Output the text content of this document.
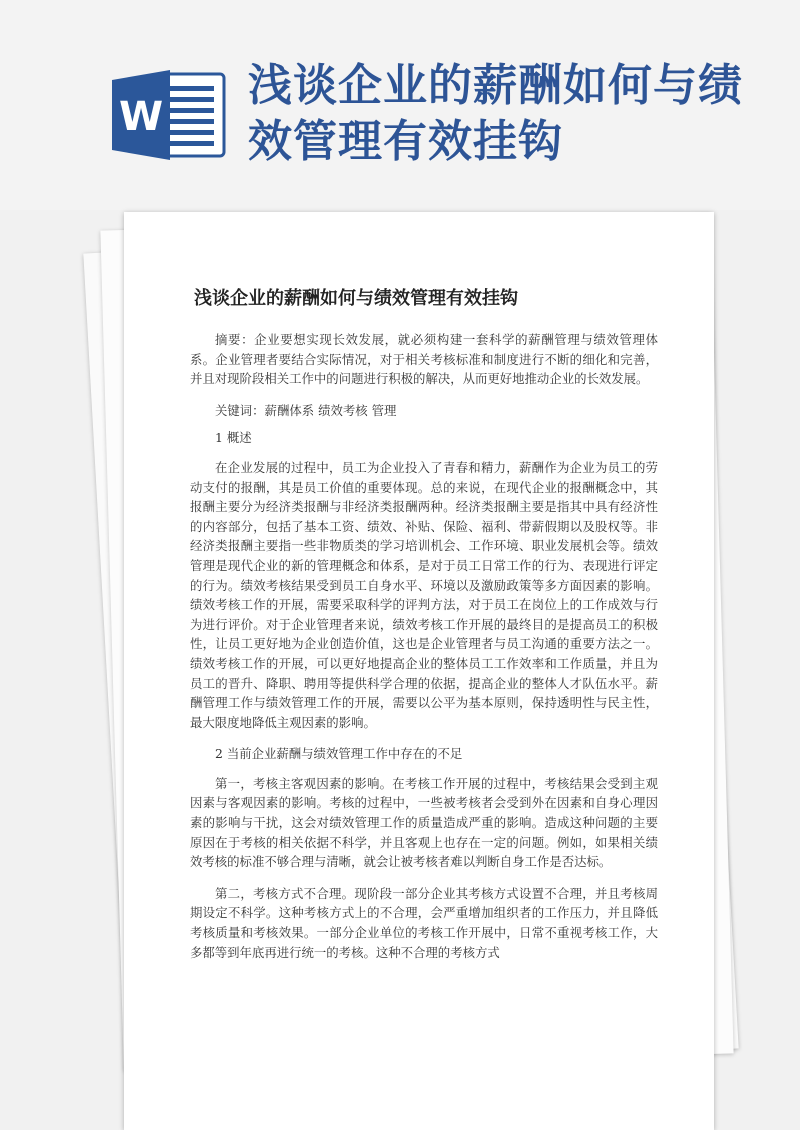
W
浅谈企业的薪酬如何与绩效管理有效挂钩
浅谈企业的薪酬如何与绩效管理有效挂钩

摘要：企业要想实现长效发展，就必须构建一套科学的薪酬管理与绩效管理体系。企业管理者要结合实际情况，对于相关考核标准和制度进行不断的细化和完善，并且对现阶段相关工作中的问题进行积极的解决，从而更好地推动企业的长效发展。

关键词：薪酬体系 绩效考核 管理

1 概述

在企业发展的过程中，员工为企业投入了青春和精力，薪酬作为企业为员工的劳动支付的报酬，其是员工价值的重要体现。总的来说，在现代企业的报酬概念中，其报酬主要分为经济类报酬与非经济类报酬两种。经济类报酬主要是指其中具有经济性的内容部分，包括了基本工资、绩效、补贴、保险、福利、带薪假期以及股权等。非经济类报酬主要指一些非物质类的学习培训机会、工作环境、职业发展机会等。绩效管理是现代企业的新的管理概念和体系，是对于员工日常工作的行为、表现进行评定的行为。绩效考核结果受到员工自身水平、环境以及激励政策等多方面因素的影响。绩效考核工作的开展，需要采取科学的评判方法，对于员工在岗位上的工作成效与行为进行评价。对于企业管理者来说，绩效考核工作开展的最终目的是提高员工的积极性，让员工更好地为企业创造价值，这也是企业管理者与员工沟通的重要方法之一。绩效考核工作的开展，可以更好地提高企业的整体员工工作效率和工作质量，并且为员工的晋升、降职、聘用等提供科学合理的依据，提高企业的整体人才队伍水平。薪酬管理工作与绩效管理工作的开展，需要以公平为基本原则，保持透明性与民主性，最大限度地降低主观因素的影响。

2 当前企业薪酬与绩效管理工作中存在的不足

第一，考核主客观因素的影响。在考核工作开展的过程中，考核结果会受到主观因素与客观因素的影响。考核的过程中，一些被考核者会受到外在因素和自身心理因素的影响与干扰，这会对绩效管理工作的质量造成严重的影响。造成这种问题的主要原因在于考核的相关依据不科学，并且客观上也存在一定的问题。例如，如果相关绩效考核的标准不够合理与清晰，就会让被考核者难以判断自身工作是否达标。

第二，考核方式不合理。现阶段一部分企业其考核方式设置不合理，并且考核周期设定不科学。这种考核方式上的不合理，会严重增加组织者的工作压力，并且降低考核质量和考核效果。一部分企业单位的考核工作开展中，日常不重视考核工作，大多都等到年底再进行统一的考核。这种不合理的考核方式
